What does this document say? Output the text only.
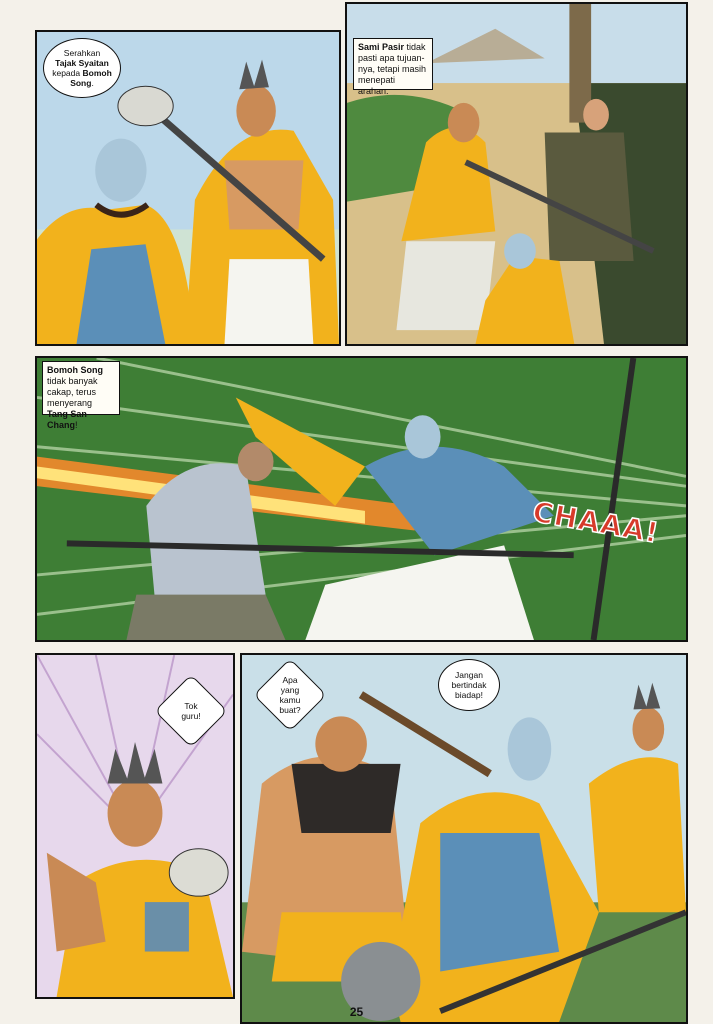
Serahkan
Tajak Syaitan
kepada Bomoh Song.
Sami Pasir tidak pasti apa tujuan-nya, tetapi masih menepati arahan.
Bomoh Song tidak banyak cakap, terus menyerang Tang San Chang!
CHAAA!
Tok guru!
Apa yang kamu buat?
Jangan bertindak biadap!
25
